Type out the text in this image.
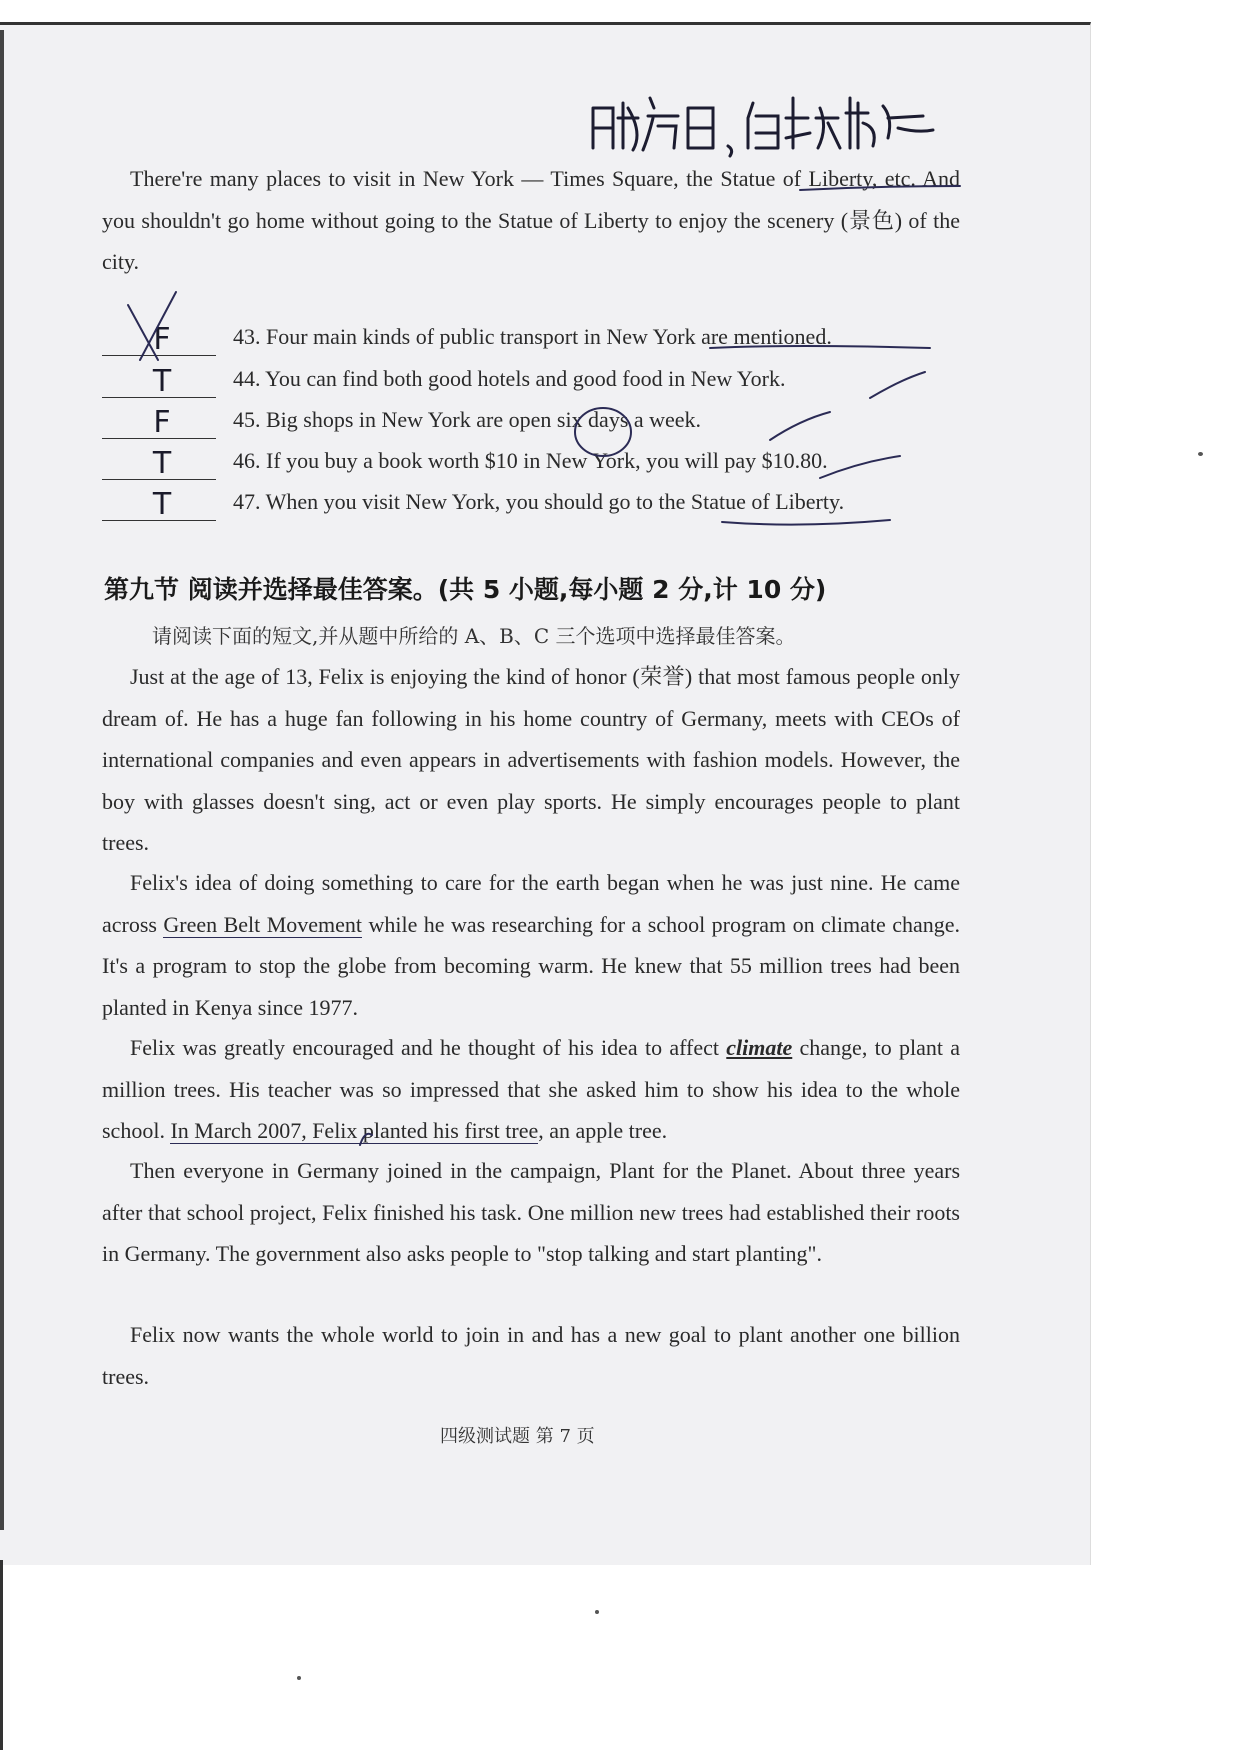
There're many places to visit in New York — Times Square, the Statue of Liberty, etc. And you shouldn't go home without going to the Statue of Liberty to enjoy the scenery (景色) of the city.

F	43. Four main kinds of public transport in New York are mentioned.
T	44. You can find both good hotels and good food in New York.
F	45. Big shops in New York are open six days a week.
T	46. If you buy a book worth $10 in New York, you will pay $10.80.
T	47. When you visit New York, you should go to the Statue of Liberty.
第九节 阅读并选择最佳答案。(共 5 小题,每小题 2 分,计 10 分)
请阅读下面的短文,并从题中所给的 A、B、C 三个选项中选择最佳答案。

Just at the age of 13, Felix is enjoying the kind of honor (荣誉) that most famous people only dream of. He has a huge fan following in his home country of Germany, meets with CEOs of international companies and even appears in advertisements with fashion models. However, the boy with glasses doesn't sing, act or even play sports. He simply encourages people to plant trees.

Felix's idea of doing something to care for the earth began when he was just nine. He came across Green Belt Movement while he was researching for a school program on climate change. It's a program to stop the globe from becoming warm. He knew that 55 million trees had been planted in Kenya since 1977.

Felix was greatly encouraged and he thought of his idea to affect climate change, to plant a million trees. His teacher was so impressed that she asked him to show his idea to the whole school. In March 2007, Felix planted his first tree, an apple tree.

Then everyone in Germany joined in the campaign, Plant for the Planet. About three years after that school project, Felix finished his task. One million new trees had established their roots in Germany. The government also asks people to "stop talking and start planting".

Felix now wants the whole world to join in and has a new goal to plant another one billion trees.

四级测试题 第 7 页
